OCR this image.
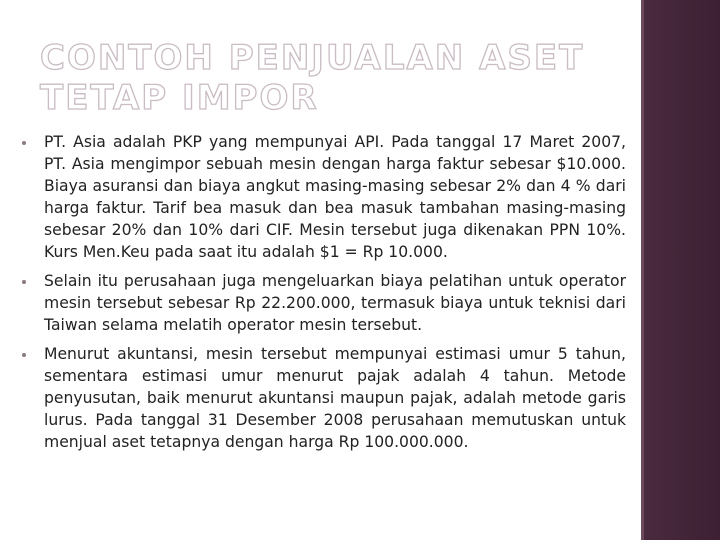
CONTOH PENJUALAN ASET TETAP IMPOR
PT. Asia adalah PKP yang mempunyai API. Pada tanggal 17 Maret 2007, PT. Asia mengimpor sebuah mesin dengan harga faktur sebesar $10.000. Biaya asuransi dan biaya angkut masing-masing sebesar 2% dan 4 % dari harga faktur. Tarif bea masuk dan bea masuk tambahan masing-masing sebesar 20% dan 10% dari CIF. Mesin tersebut juga dikenakan PPN 10%. Kurs Men.Keu pada saat itu adalah $1 = Rp 10.000.
Selain itu perusahaan juga mengeluarkan biaya pelatihan untuk operator mesin tersebut sebesar Rp 22.200.000, termasuk biaya untuk teknisi dari Taiwan selama melatih operator mesin tersebut.
Menurut akuntansi, mesin tersebut mempunyai estimasi umur 5 tahun, sementara estimasi umur menurut pajak adalah 4 tahun. Metode penyusutan, baik menurut akuntansi maupun pajak, adalah metode garis lurus. Pada tanggal 31 Desember 2008 perusahaan memutuskan untuk menjual aset tetapnya dengan harga Rp 100.000.000.
